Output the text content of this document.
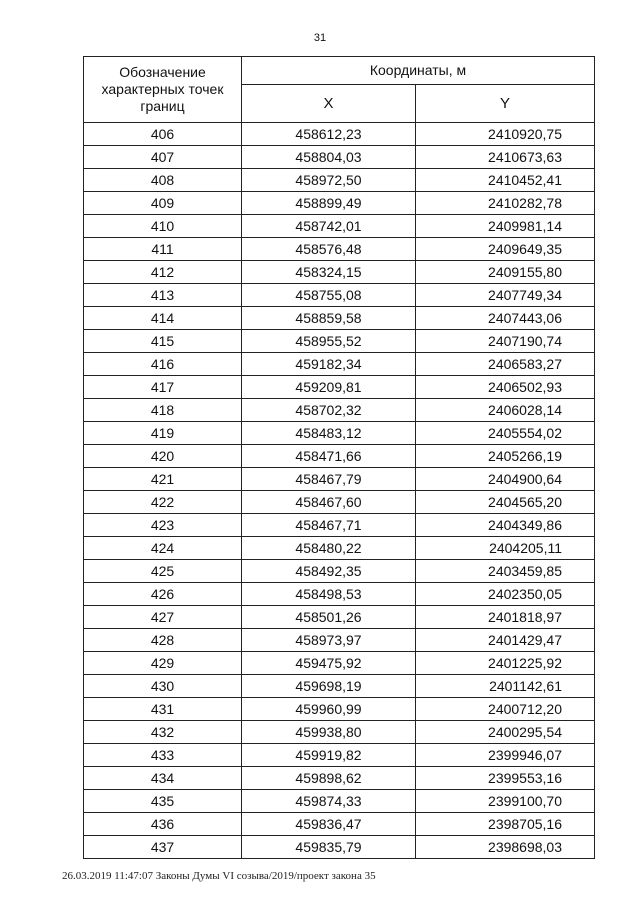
31
Обозначение характерных точек границ	Координаты, м	
	X	Y
406	458612,23	2410920,75
407	458804,03	2410673,63
408	458972,50	2410452,41
409	458899,49	2410282,78
410	458742,01	2409981,14
411	458576,48	2409649,35
412	458324,15	2409155,80
413	458755,08	2407749,34
414	458859,58	2407443,06
415	458955,52	2407190,74
416	459182,34	2406583,27
417	459209,81	2406502,93
418	458702,32	2406028,14
419	458483,12	2405554,02
420	458471,66	2405266,19
421	458467,79	2404900,64
422	458467,60	2404565,20
423	458467,71	2404349,86
424	458480,22	2404205,11
425	458492,35	2403459,85
426	458498,53	2402350,05
427	458501,26	2401818,97
428	458973,97	2401429,47
429	459475,92	2401225,92
430	459698,19	2401142,61
431	459960,99	2400712,20
432	459938,80	2400295,54
433	459919,82	2399946,07
434	459898,62	2399553,16
435	459874,33	2399100,70
436	459836,47	2398705,16
437	459835,79	2398698,03
26.03.2019 11:47:07 Законы Думы VI созыва/2019/проект закона 35
